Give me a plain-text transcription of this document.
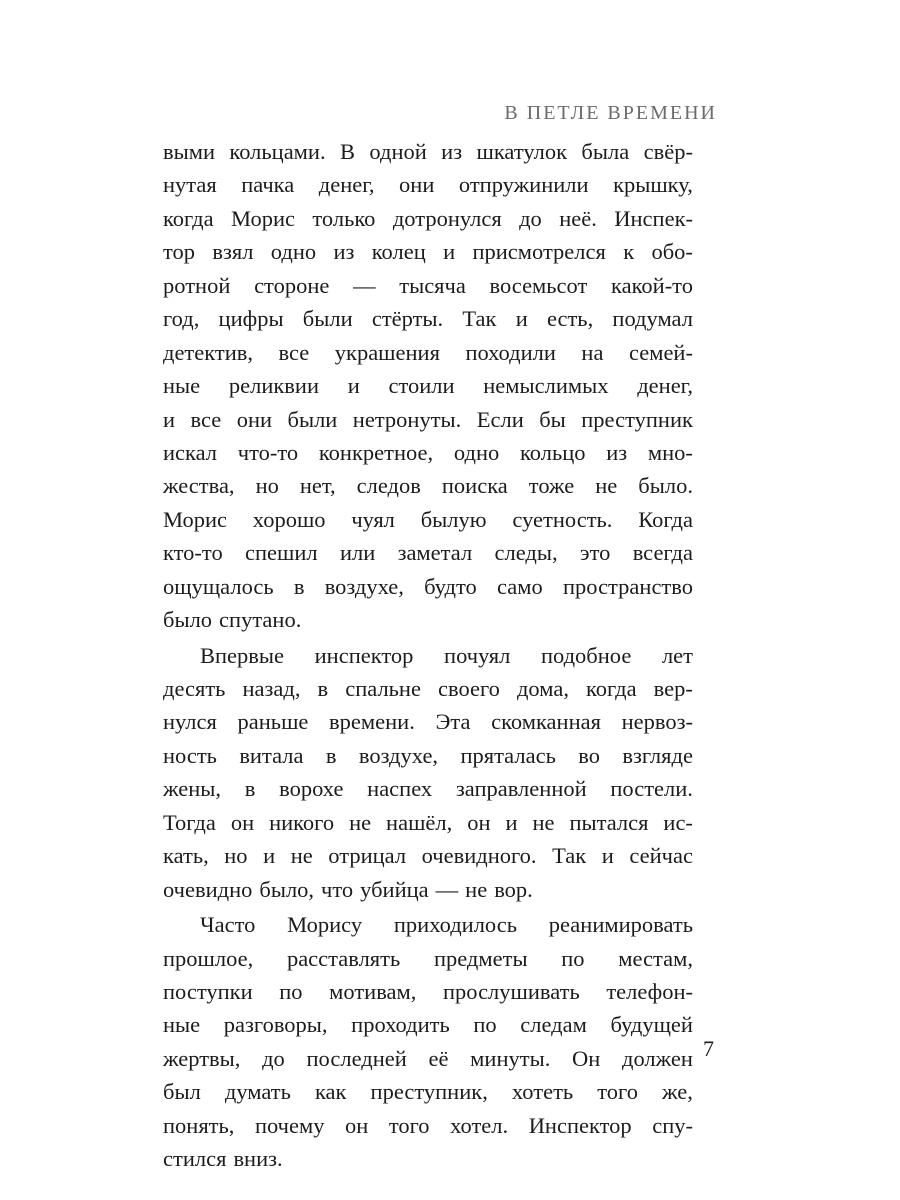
В ПЕТЛЕ ВРЕМЕНИ
выми кольцами. В одной из шкатулок была свёр-
нутая пачка денег, они отпружинили крышку,
когда Морис только дотронулся до неё. Инспек-
тор взял одно из колец и присмотрелся к обо-
ротной стороне — тысяча восемьсот какой-то
год, цифры были стёрты. Так и есть, подумал
детектив, все украшения походили на семей-
ные реликвии и стоили немыслимых денег,
и все они были нетронуты. Если бы преступник
искал что-то конкретное, одно кольцо из мно-
жества, но нет, следов поиска тоже не было.
Морис хорошо чуял былую суетность. Когда
кто-то спешил или заметал следы, это всегда
ощущалось в воздухе, будто само пространство
было спутано.
Впервые инспектор почуял подобное лет
десять назад, в спальне своего дома, когда вер-
нулся раньше времени. Эта скомканная нервоз-
ность витала в воздухе, пряталась во взгляде
жены, в ворохе наспех заправленной постели.
Тогда он никого не нашёл, он и не пытался ис-
кать, но и не отрицал очевидного. Так и сейчас
очевидно было, что убийца — не вор.
Часто Морису приходилось реанимировать
прошлое, расставлять предметы по местам,
поступки по мотивам, прослушивать телефон-
ные разговоры, проходить по следам будущей
жертвы, до последней её минуты. Он должен
был думать как преступник, хотеть того же,
понять, почему он того хотел. Инспектор спу-
стился вниз.
7
